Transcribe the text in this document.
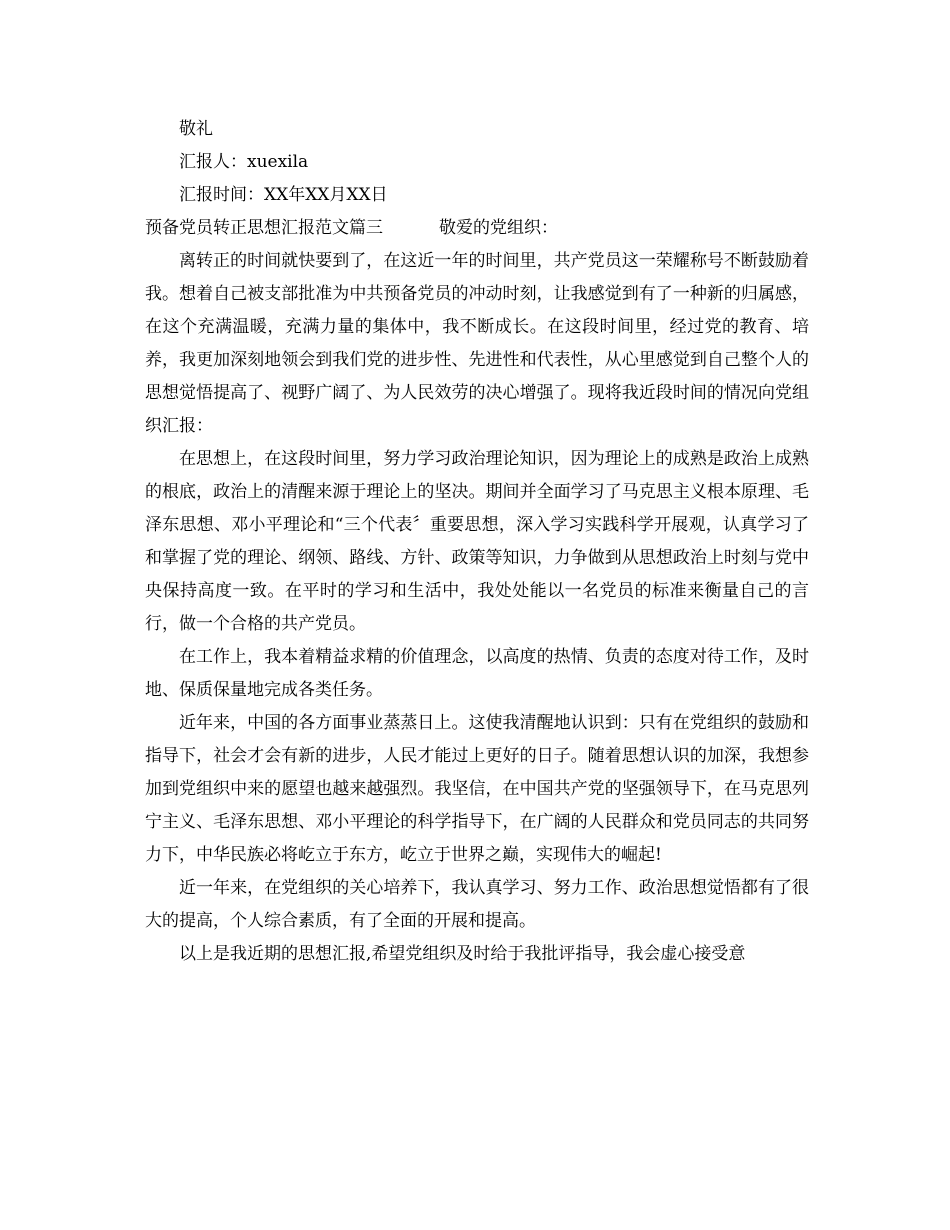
敬礼
汇报人：xuexila
汇报时间：XX年XX月XX日
预备党员转正思想汇报范文篇三	敬爱的党组织：

离转正的时间就快要到了，在这近一年的时间里，共产党员这一荣耀称号不断鼓励着我。想着自己被支部批准为中共预备党员的冲动时刻，让我感觉到有了一种新的归属感，在这个充满温暖，充满力量的集体中，我不断成长。在这段时间里，经过党的教育、培养，我更加深刻地领会到我们党的进步性、先进性和代表性，从心里感觉到自己整个人的思想觉悟提高了、视野广阔了、为人民效劳的决心增强了。现将我近段时间的情况向党组织汇报：

在思想上，在这段时间里，努力学习政治理论知识，因为理论上的成熟是政治上成熟的根底，政治上的清醒来源于理论上的坚决。期间并全面学习了马克思主义根本原理、毛泽东思想、邓小平理论和“三个代表〞重要思想，深入学习实践科学开展观，认真学习了和掌握了党的理论、纲领、路线、方针、政策等知识，力争做到从思想政治上时刻与党中央保持高度一致。在平时的学习和生活中，我处处能以一名党员的标准来衡量自己的言行，做一个合格的共产党员。

在工作上，我本着精益求精的价值理念，以高度的热情、负责的态度对待工作，及时地、保质保量地完成各类任务。

近年来，中国的各方面事业蒸蒸日上。这使我清醒地认识到：只有在党组织的鼓励和指导下，社会才会有新的进步，人民才能过上更好的日子。随着思想认识的加深，我想参加到党组织中来的愿望也越来越强烈。我坚信，在中国共产党的坚强领导下，在马克思列宁主义、毛泽东思想、邓小平理论的科学指导下，在广阔的人民群众和党员同志的共同努力下，中华民族必将屹立于东方，屹立于世界之巅，实现伟大的崛起!

近一年来，在党组织的关心培养下，我认真学习、努力工作、政治思想觉悟都有了很大的提高，个人综合素质，有了全面的开展和提高。

以上是我近期的思想汇报,希望党组织及时给于我批评指导，我会虚心接受意
